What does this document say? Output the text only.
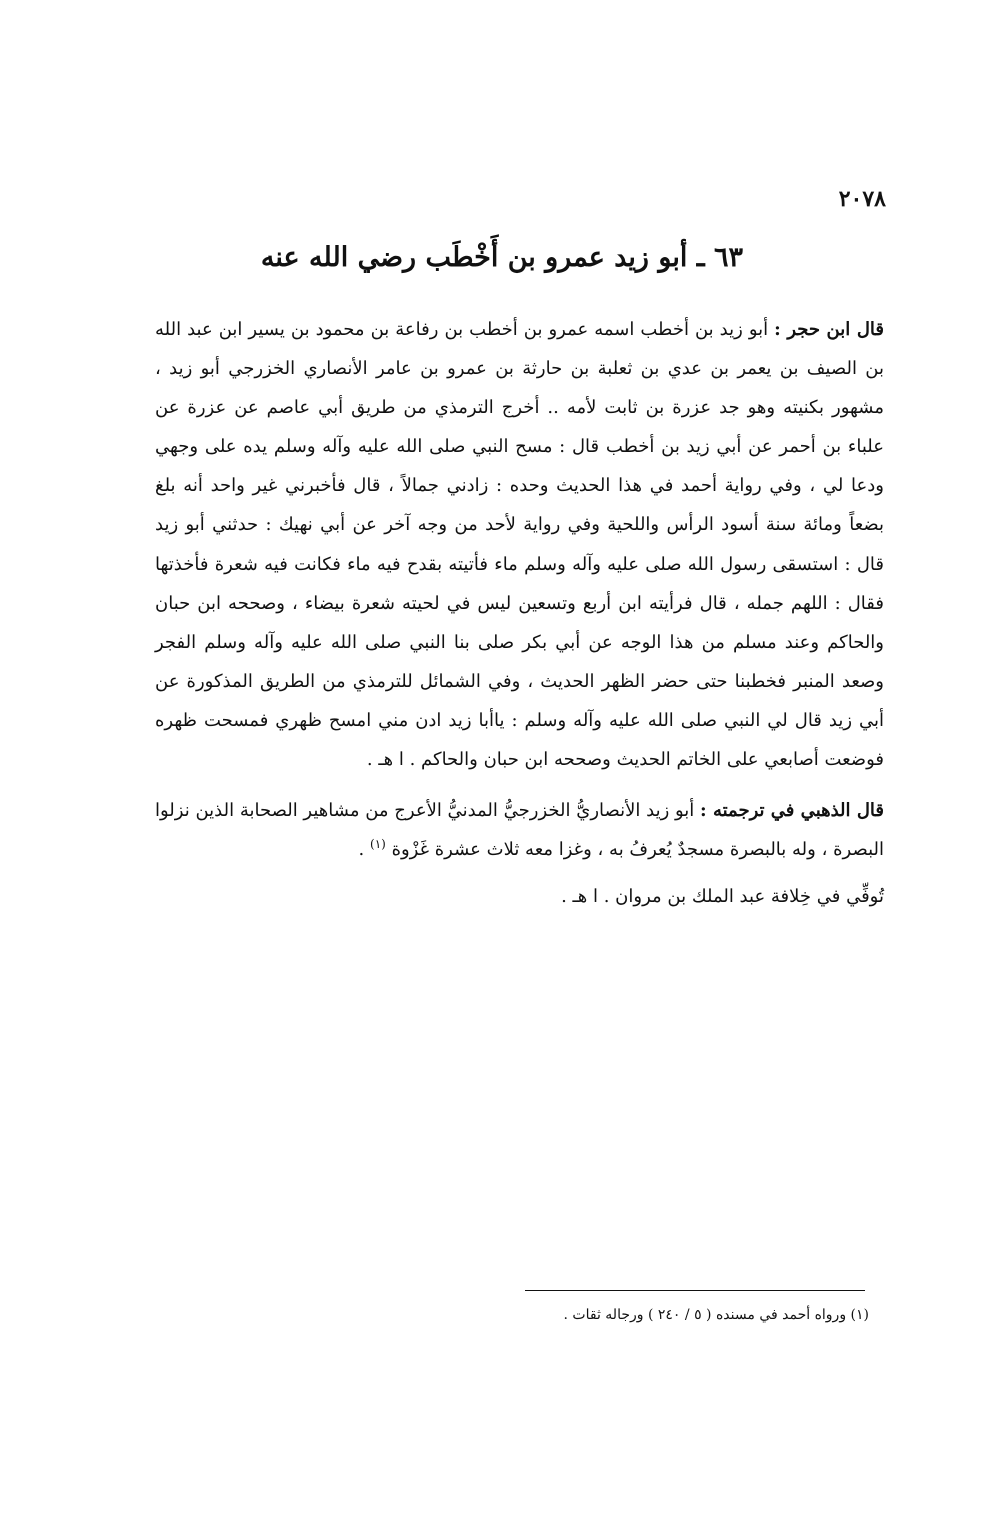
٢٠٧٨
٦٣ ـ أبو زيد عمرو بن أَخْطَب رضي الله عنه

قال ابن حجر : أبو زيد بن أخطب اسمه عمرو بن أخطب بن رفاعة بن محمود بن يسير ابن عبد الله بن الصيف بن يعمر بن عدي بن ثعلبة بن حارثة بن عمرو بن عامر الأنصاري الخزرجي أبو زيد ، مشهور بكنيته وهو جد عزرة بن ثابت لأمه .. أخرج الترمذي من طريق أبي عاصم عن عزرة عن علباء بن أحمر عن أبي زيد بن أخطب قال : مسح النبي صلى الله عليه وآله وسلم يده على وجهي ودعا لي ، وفي رواية أحمد في هذا الحديث وحده : زادني جمالاً ، قال فأخبرني غير واحد أنه بلغ بضعاً ومائة سنة أسود الرأس واللحية وفي رواية لأحد من وجه آخر عن أبي نهيك : حدثني أبو زيد قال : استسقى رسول الله صلى عليه وآله وسلم ماء فأتيته بقدح فيه ماء فكانت فيه شعرة فأخذتها فقال : اللهم جمله ، قال فرأيته ابن أربع وتسعين ليس في لحيته شعرة بيضاء ، وصححه ابن حبان والحاكم وعند مسلم من هذا الوجه عن أبي بكر صلى بنا النبي صلى الله عليه وآله وسلم الفجر وصعد المنبر فخطبنا حتى حضر الظهر الحديث ، وفي الشمائل للترمذي من الطريق المذكورة عن أبي زيد قال لي النبي صلى الله عليه وآله وسلم : ياأبا زيد ادن مني امسح ظهري فمسحت ظهره فوضعت أصابعي على الخاتم الحديث وصححه ابن حبان والحاكم . ا هـ .

قال الذهبي في ترجمته : أبو زيد الأنصاريُّ الخزرجيُّ المدنيُّ الأعرج من مشاهير الصحابة الذين نزلوا البصرة ، وله بالبصرة مسجدٌ يُعرفُ به ، وغزا معه ثلاث عشرة غَزْوة $^{(١)}$ .

تُوفِّي في خِلافة عبد الملك بن مروان . ا هـ .

(١) ورواه أحمد في مسنده ( ٥ / ٢٤٠ ) ورجاله ثقات .
